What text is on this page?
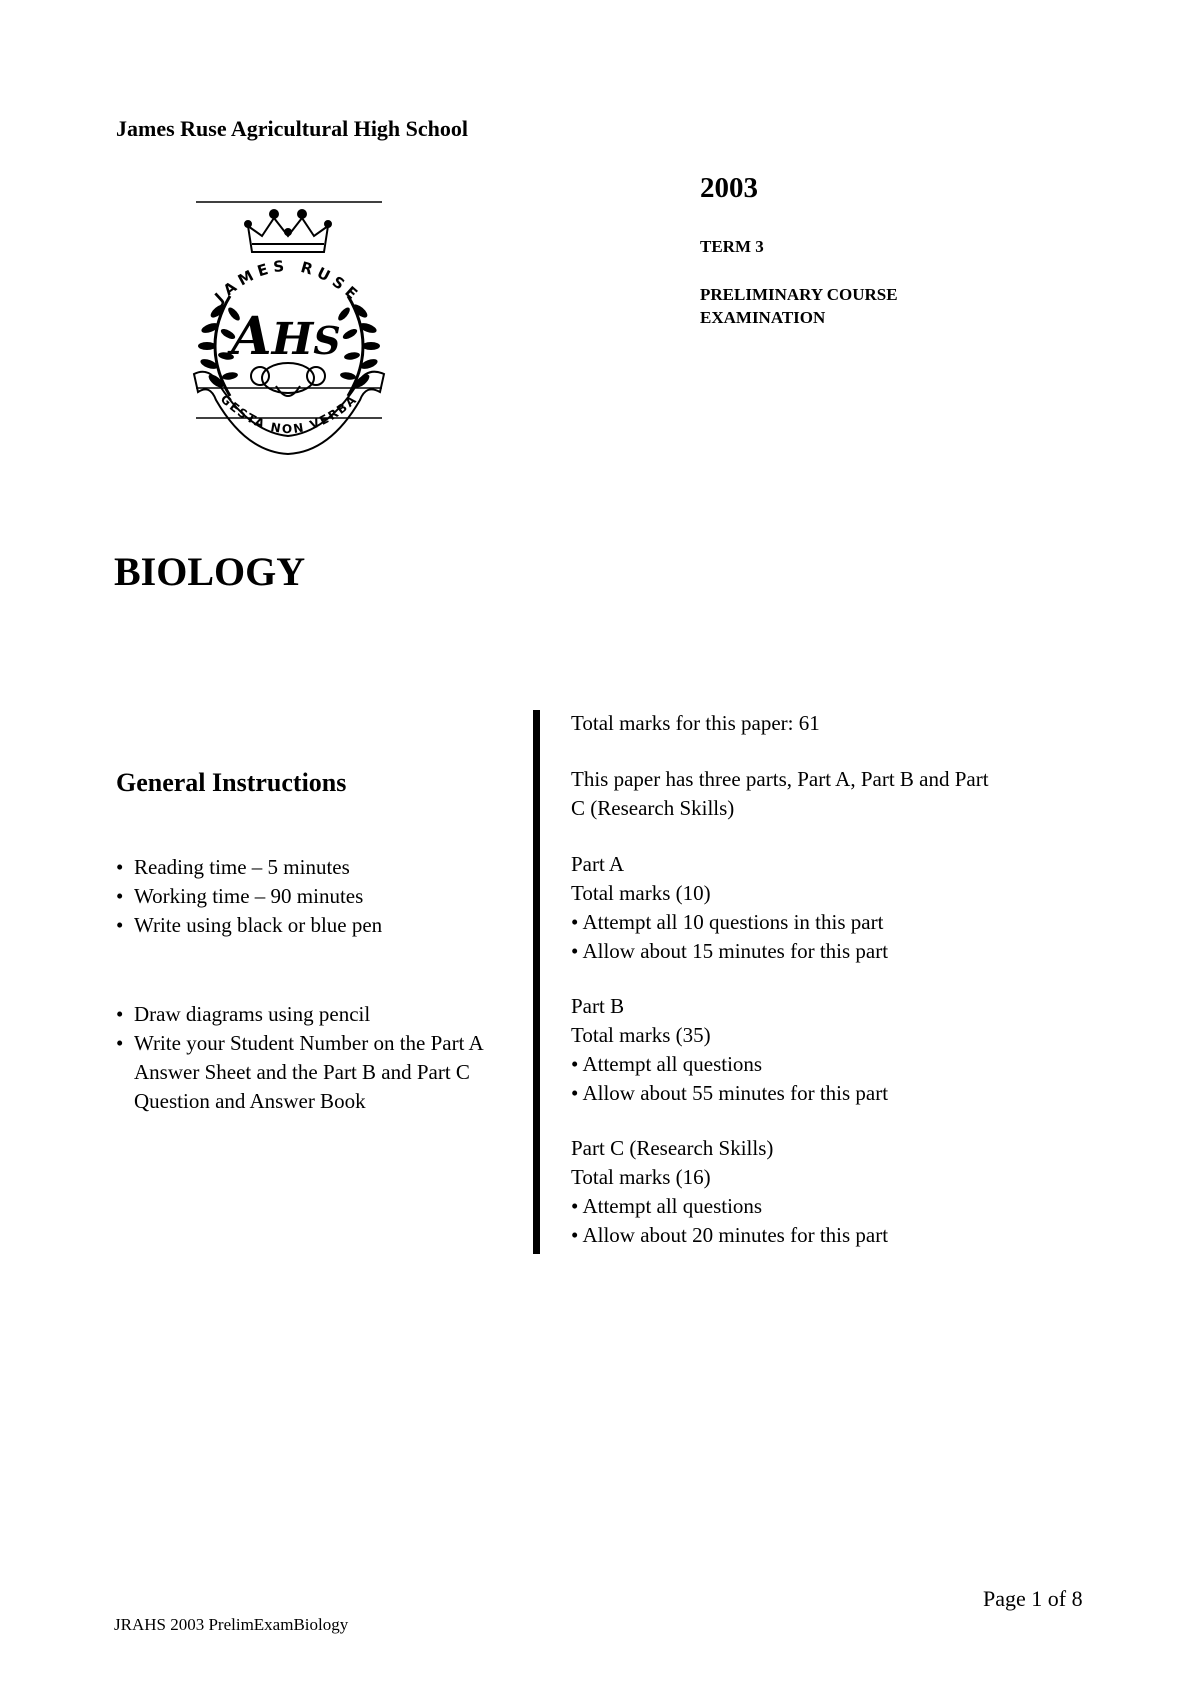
James Ruse Agricultural High School
2003
TERM 3
PRELIMINARY COURSE
EXAMINATION
JAMES RUSE
AHS
GESTA NON VERBA
BIOLOGY
General Instructions
• Reading time – 5 minutes
• Working time – 90 minutes
• Write using black or blue pen
• Draw diagrams using pencil
• Write your Student Number on the Part A Answer Sheet and the Part B and Part C Question and Answer Book

Total marks for this paper: 61

This paper has three parts, Part A, Part B and Part C (Research Skills)

Part A
Total marks (10)
• Attempt all 10 questions in this part
• Allow about 15 minutes for this part
Part B
Total marks (35)
• Attempt all questions
• Allow about 55 minutes for this part
Part C (Research Skills)
Total marks (16)
• Attempt all questions
• Allow about 20 minutes for this part
Page 1 of 8
JRAHS 2003 PrelimExamBiology
